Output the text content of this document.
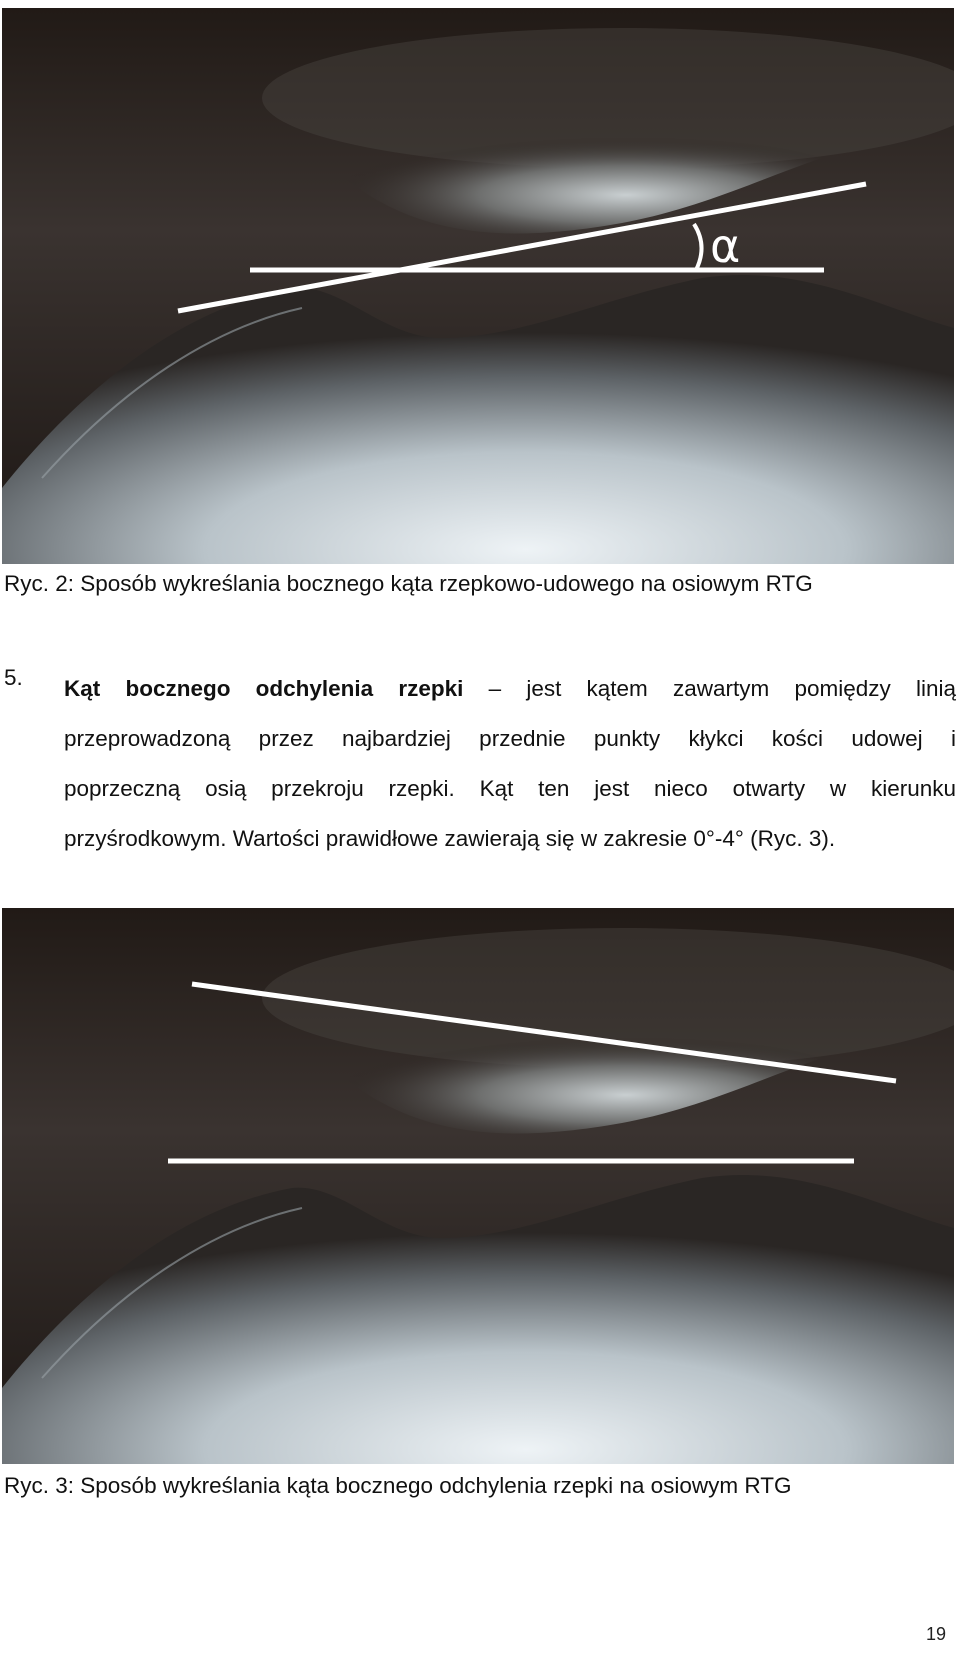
α
Ryc. 2: Sposób wykreślania bocznego kąta rzepkowo-udowego na osiowym RTG
5. Kąt bocznego odchylenia rzepki – jest kątem zawartym pomiędzy linią
przeprowadzoną przez najbardziej przednie punkty kłykci kości udowej i
poprzeczną osią przekroju rzepki. Kąt ten jest nieco otwarty w kierunku
przyśrodkowym. Wartości prawidłowe zawierają się w zakresie 0°-4° (Ryc. 3).
Ryc. 3: Sposób wykreślania kąta bocznego odchylenia rzepki na osiowym RTG
19
